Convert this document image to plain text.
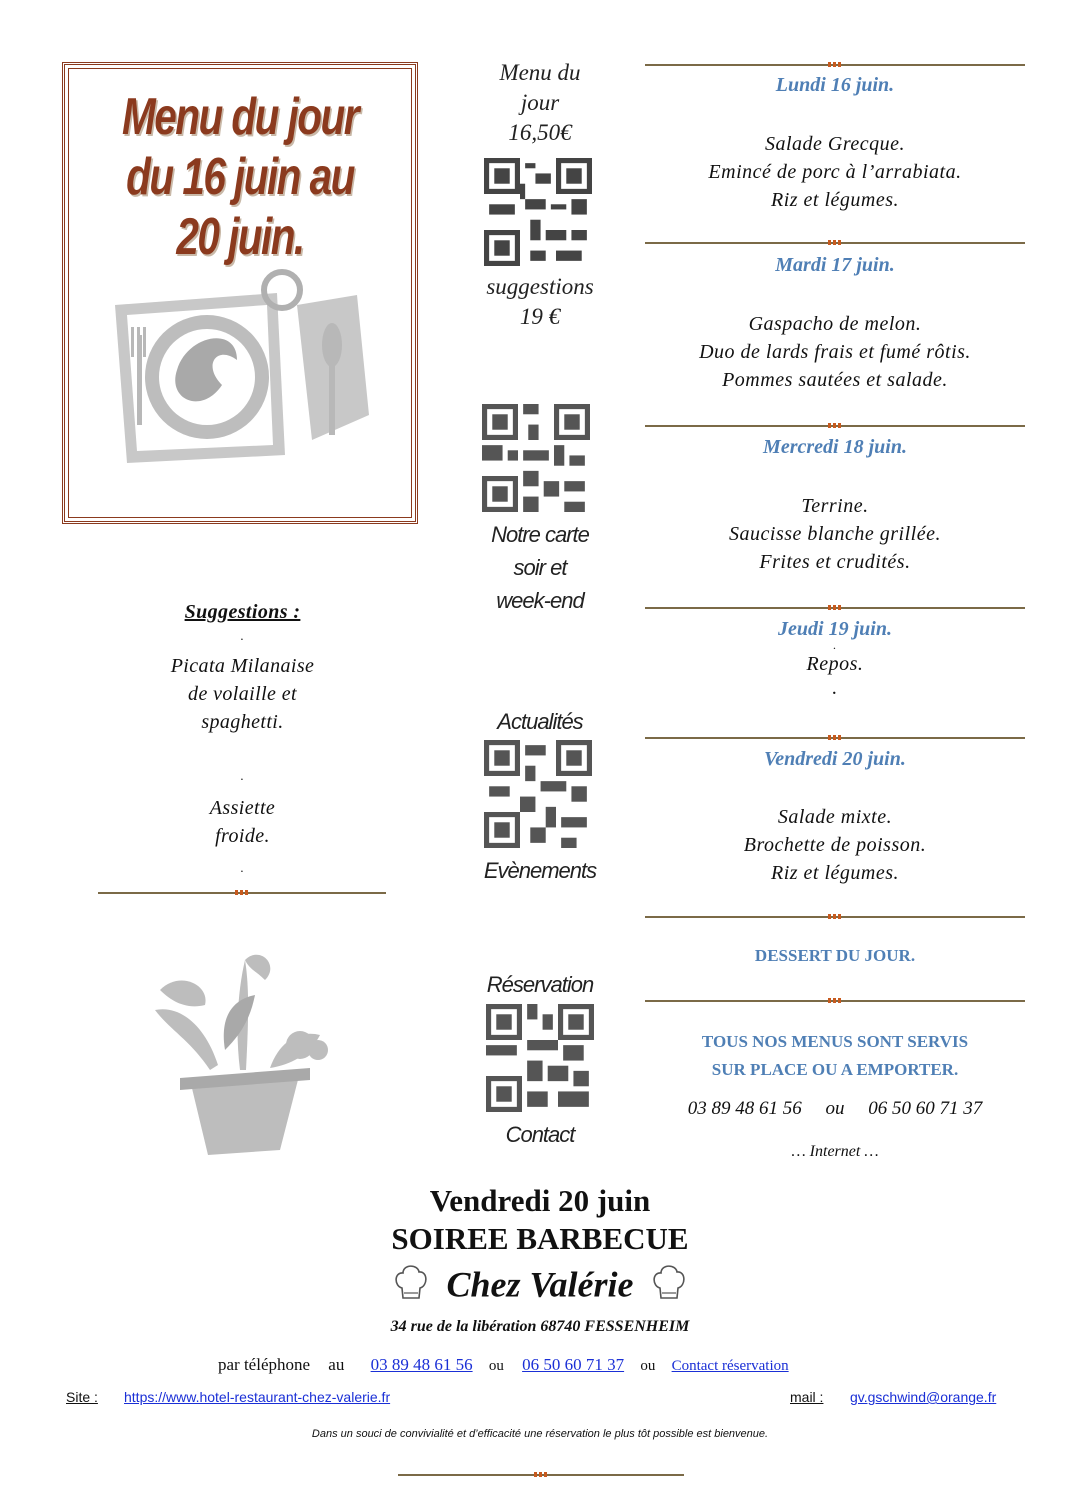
Menu du jour
du 16 juin au 20 juin.
Menu du
jour
16,50€
suggestions
19 €
Notre carte
soir et
week-end
Actualités
Evènements
Réservation
Contact
Lundi 16 juin.
Salade Grecque.
Emincé de porc à l’arrabiata.
Riz et légumes.
Mardi 17 juin.
Gaspacho de melon.
Duo de lards frais et fumé rôtis.
Pommes sautées et salade.
Mercredi 18 juin.
Terrine.
Saucisse blanche grillée.
Frites et crudités.
Jeudi 19 juin.
.
Repos.
.
Vendredi 20 juin.
Salade mixte.
Brochette de poisson.
Riz et légumes.
DESSERT DU JOUR.
TOUS NOS MENUS SONT SERVIS
SUR PLACE OU A EMPORTER.
03 89 48 61 56     ou     06 50 60 71 37
… Internet …
Suggestions :
.
Picata Milanaise
de volaille et
spaghetti.
.
Assiette
froide.
.
Vendredi 20 juin
SOIREE BARBECUE
Chez Valérie
34 rue de la libération 68740 FESSENHEIM
par téléphone au 03 89 48 61 56 ou 06 50 60 71 37 ou Contact réservation
Site : https://www.hotel-restaurant-chez-valerie.fr	mail : gv.gschwind@orange.fr
Dans un souci de convivialité et d’efficacité une réservation le plus tôt possible est bienvenue.
